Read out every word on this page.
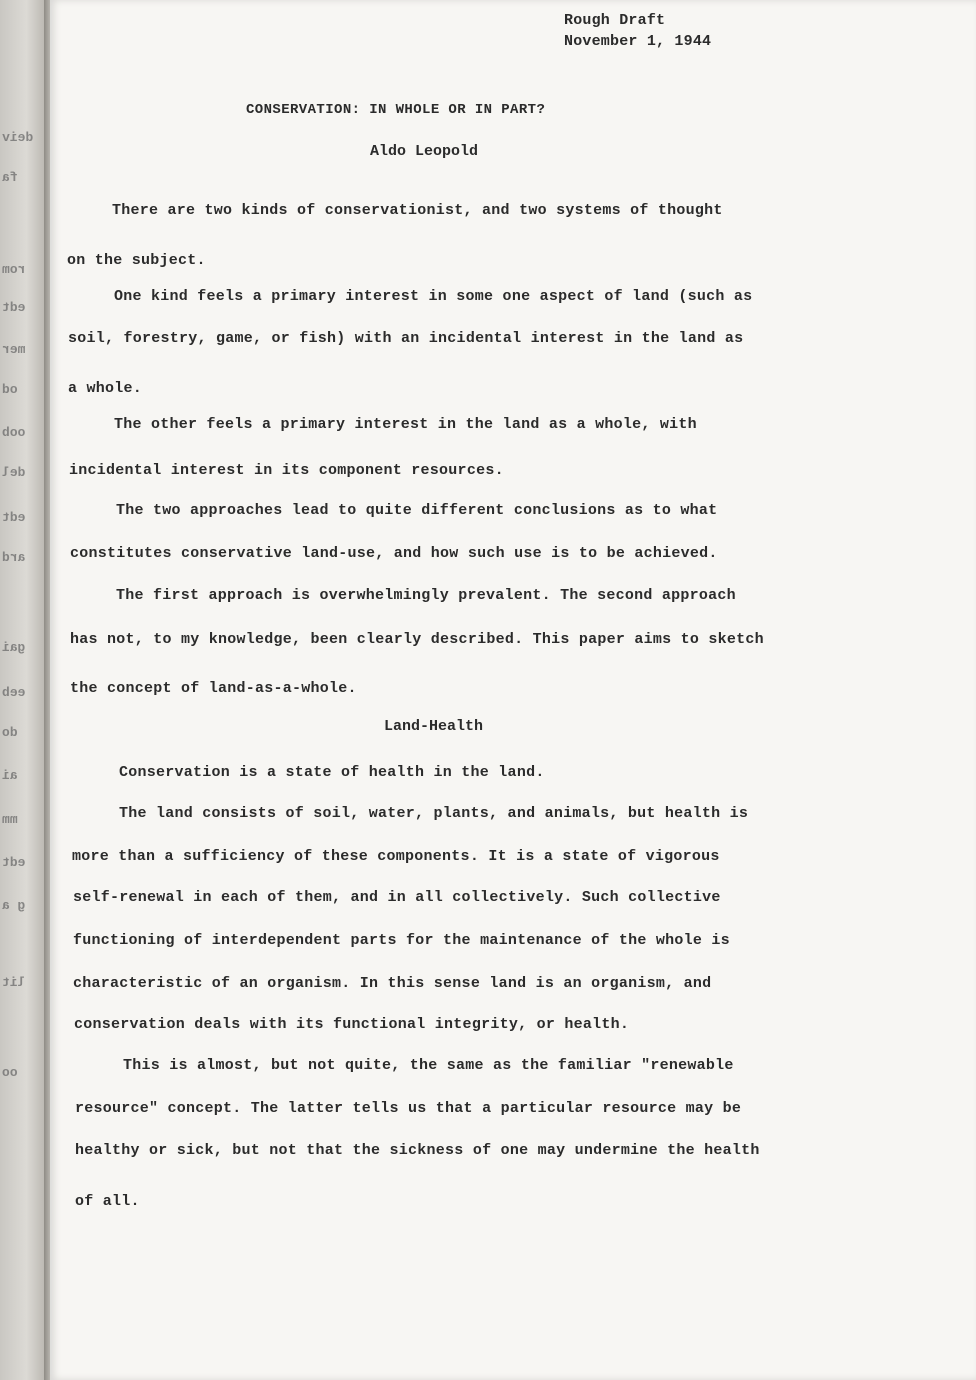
deiv
fa
rom
edt
mer
od
oob
del
edt
ard
gai
eeb
do
ai
mm
edt
g a
lit
oo
Rough Draft
November 1, 1944
CONSERVATION: IN WHOLE OR IN PART?
Aldo Leopold
There are two kinds of conservationist, and two systems of thought
on the subject.
One kind feels a primary interest in some one aspect of land (such as
soil, forestry, game, or fish) with an incidental interest in the land as
a whole.
The other feels a primary interest in the land as a whole, with
incidental interest in its component resources.
The two approaches lead to quite different conclusions as to what
constitutes conservative land-use, and how such use is to be achieved.
The first approach is overwhelmingly prevalent. The second approach
has not, to my knowledge, been clearly described. This paper aims to sketch
the concept of land-as-a-whole.
Land-Health
Conservation is a state of health in the land.
The land consists of soil, water, plants, and animals, but health is
more than a sufficiency of these components. It is a state of vigorous
self-renewal in each of them, and in all collectively. Such collective
functioning of interdependent parts for the maintenance of the whole is
characteristic of an organism. In this sense land is an organism, and
conservation deals with its functional integrity, or health.
This is almost, but not quite, the same as the familiar "renewable
resource" concept. The latter tells us that a particular resource may be
healthy or sick, but not that the sickness of one may undermine the health
of all.
